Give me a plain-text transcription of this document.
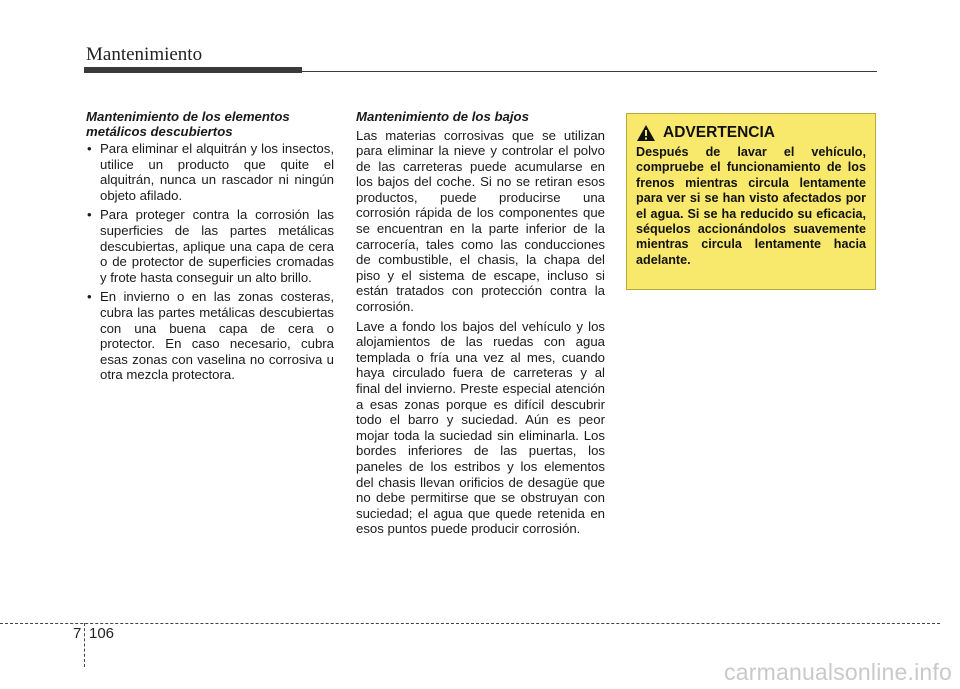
Mantenimiento
Mantenimiento de los elementos metálicos descubiertos
• Para eliminar el alquitrán y los insectos, utilice un producto que quite el alquitrán, nunca un rascador ni ningún objeto afilado.
• Para proteger contra la corrosión las superficies de las partes metálicas descubiertas, aplique una capa de cera o de protector de superficies cromadas y frote hasta conseguir un alto brillo.
• En invierno o en las zonas costeras, cubra las partes metálicas descubiertas con una buena capa de cera o protector. En caso necesario, cubra esas zonas con vaselina no corrosiva u otra mezcla protectora.
Mantenimiento de los bajos

Las materias corrosivas que se utilizan para eliminar la nieve y controlar el polvo de las carreteras puede acumularse en los bajos del coche. Si no se retiran esos productos, puede producirse una corrosión rápida de los componentes que se encuentran en la parte inferior de la carrocería, tales como las conducciones de combustible, el chasis, la chapa del piso y el sistema de escape, incluso si están tratados con protección contra la corrosión.

Lave a fondo los bajos del vehículo y los alojamientos de las ruedas con agua templada o fría una vez al mes, cuando haya circulado fuera de carreteras y al final del invierno. Preste especial atención a esas zonas porque es difícil descubrir todo el barro y suciedad. Aún es peor mojar toda la suciedad sin eliminarla. Los bordes inferiores de las puertas, los paneles de los estribos y los elementos del chasis llevan orificios de desagüe que no debe permitirse que se obstruyan con suciedad; el agua que quede retenida en esos puntos puede producir corrosión.

ADVERTENCIA
Después de lavar el vehículo, compruebe el funcionamiento de los frenos mientras circula lentamente para ver si se han visto afectados por el agua. Si se ha reducido su eficacia, séquelos accionándolos suavemente mientras circula lentamente hacia adelante.
7 106
carmanualsonline.info
